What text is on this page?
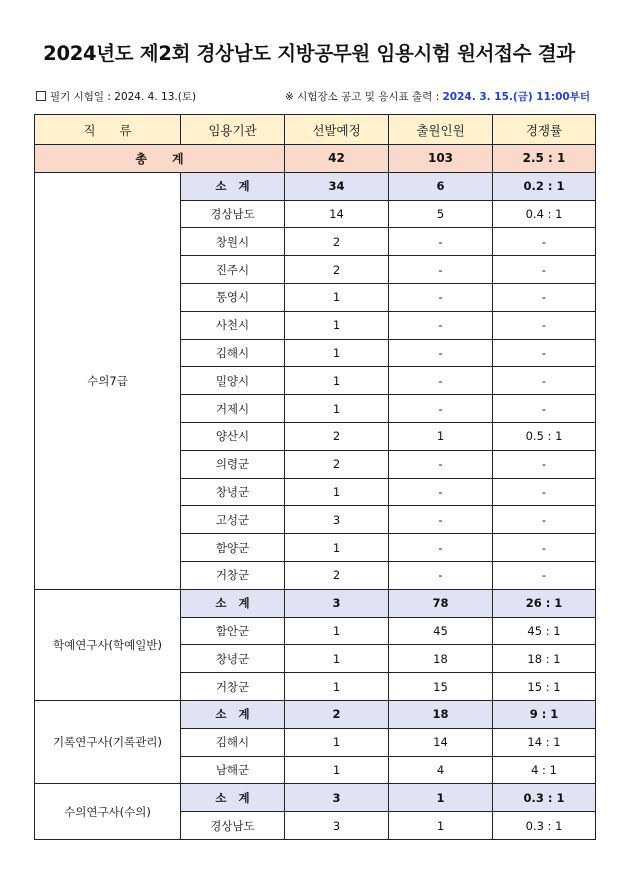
2024년도 제2회 경상남도 지방공무원 임용시험 원서접수 결과
필기 시험일 : 2024. 4. 13.(토)	※ 시험장소 공고 및 응시표 출력 : 2024. 3. 15.(금) 11:00부터
직      류	임용기관	선발예정	출원인원	경쟁률
총      계		42	103	2.5 : 1
수의7급	소   계	34	6	0.2 : 1
	경상남도	14	5	0.4 : 1
	창원시	2	-	-
	진주시	2	-	-
	통영시	1	-	-
	사천시	1	-	-
	김해시	1	-	-
	밀양시	1	-	-
	거제시	1	-	-
	양산시	2	1	0.5 : 1
	의령군	2	-	-
	창녕군	1	-	-
	고성군	3	-	-
	함양군	1	-	-
	거창군	2	-	-
학예연구사(학예일반)	소   계	3	78	26 : 1
	함안군	1	45	45 : 1
	창녕군	1	18	18 : 1
	거창군	1	15	15 : 1
기록연구사(기록관리)	소   계	2	18	9 : 1
	김해시	1	14	14 : 1
	남해군	1	4	4 : 1
수의연구사(수의)	소   계	3	1	0.3 : 1
	경상남도	3	1	0.3 : 1
